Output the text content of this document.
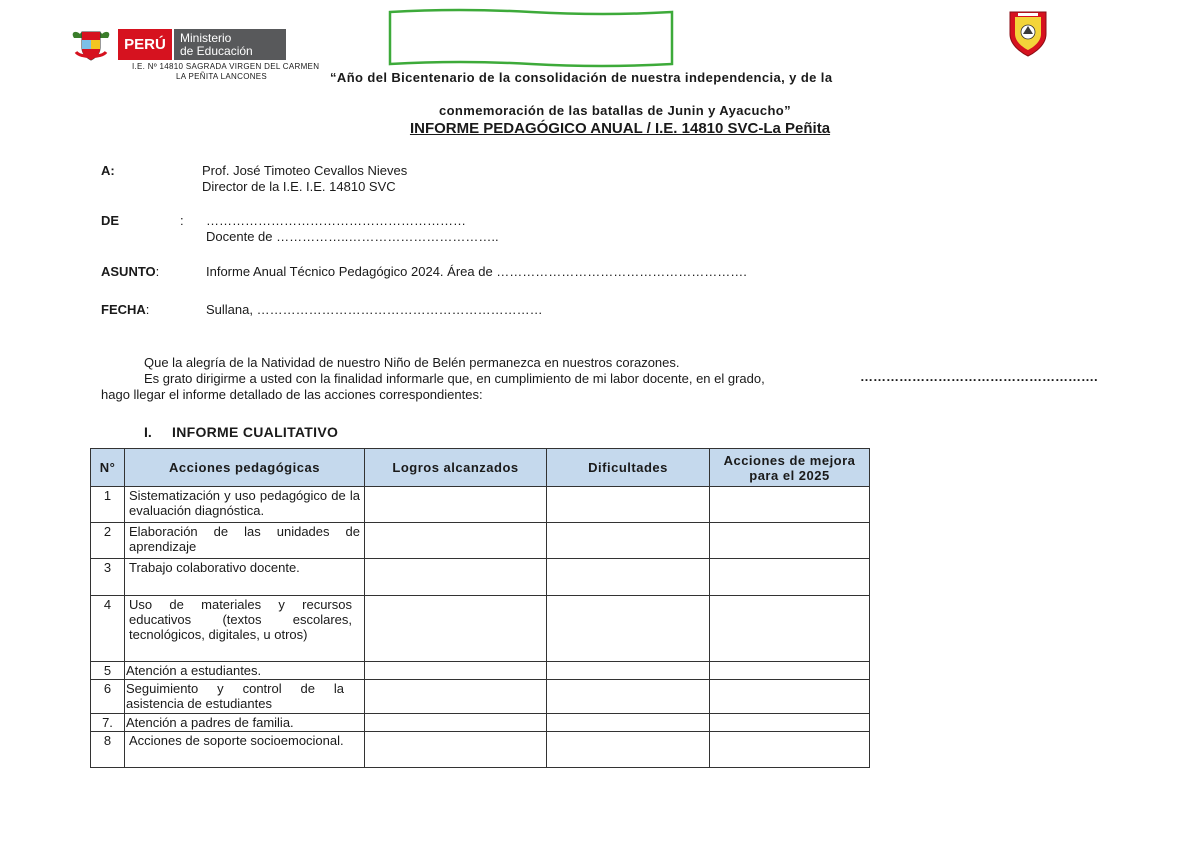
PERÚ	Ministerio
de Educación
I.E. Nº 14810 SAGRADA VIRGEN DEL CARMEN
LA PEÑITA LANCONES	“Año del Bicentenario de la consolidación de nuestra independencia, y de la
conmemoración de las batallas de Junin y Ayacucho”
INFORME PEDAGÓGICO ANUAL / I.E. 14810 SVC-La Peñita
A:	Prof. José Timoteo Cevallos Nieves
Director de la I.E. I.E. 14810 SVC
DE	: ……………………………………………………
Docente de ……………..……………………………..
ASUNTO:	Informe Anual Técnico Pedagógico 2024. Área de ………………………………………………….
FECHA:	Sullana, …………………………………………………………
Que la alegría de la Natividad de nuestro Niño de Belén permanezca en nuestros corazones.
Es grato dirigirme a usted con la finalidad informarle que, en cumplimiento de mi labor docente, en el grado,	……………………………………………….
hago llegar el informe detallado de las acciones correspondientes:
I. INFORME CUALITATIVO
N°	Acciones pedagógicas	Logros alcanzados	Dificultades	Acciones de mejora
para el 2025

1	Sistematización y uso pedagógico de la evaluación diagnóstica.			
2	Elaboración de las unidades de aprendizaje			
3	Trabajo colaborativo docente.			

4	Uso de materiales y recursos educativos (textos escolares, tecnológicos, digitales, u otros)			

5	Atención a estudiantes.			
6	Seguimiento y control de la asistencia de estudiantes			

7.	Atención a padres de familia.			
8	Acciones de soporte socioemocional.			
